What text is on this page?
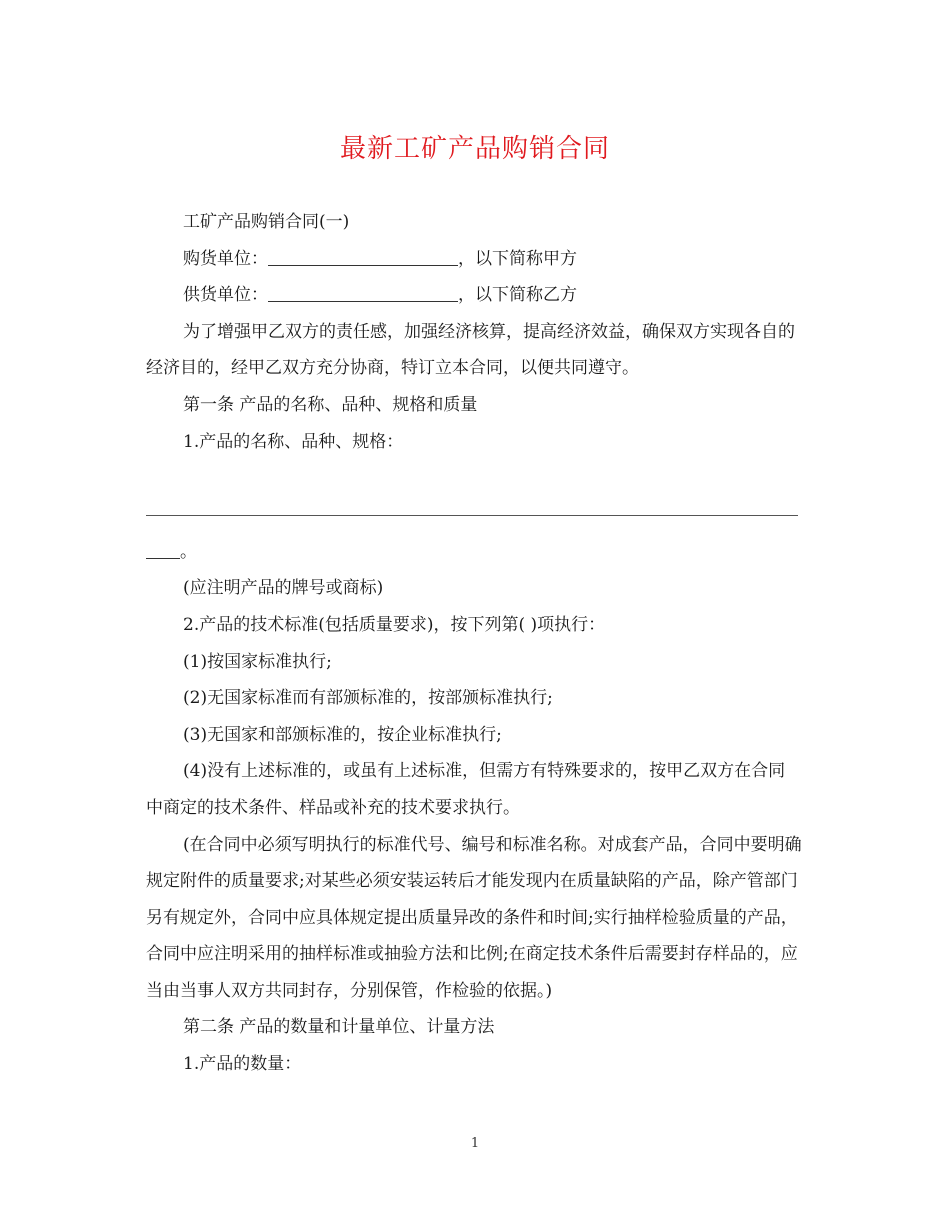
最新工矿产品购销合同

工矿产品购销合同(一)

购货单位：	，以下简称甲方

供货单位：	，以下简称乙方

为了增强甲乙双方的责任感，加强经济核算，提高经济效益，确保双方实现各自的经济目的，经甲乙双方充分协商，特订立本合同，以便共同遵守。

第一条 产品的名称、品种、规格和质量

1.产品的名称、品种、规格：

。

(应注明产品的牌号或商标)

2.产品的技术标准(包括质量要求)，按下列第( )项执行：

(1)按国家标准执行;

(2)无国家标准而有部颁标准的，按部颁标准执行;

(3)无国家和部颁标准的，按企业标准执行;

(4)没有上述标准的，或虽有上述标准，但需方有特殊要求的，按甲乙双方在合同中商定的技术条件、样品或补充的技术要求执行。

(在合同中必须写明执行的标准代号、编号和标准名称。对成套产品，合同中要明确规定附件的质量要求;对某些必须安装运转后才能发现内在质量缺陷的产品，除产管部门另有规定外，合同中应具体规定提出质量异改的条件和时间;实行抽样检验质量的产品，合同中应注明采用的抽样标准或抽验方法和比例;在商定技术条件后需要封存样品的，应当由当事人双方共同封存，分别保管，作检验的依据。)

第二条 产品的数量和计量单位、计量方法

1.产品的数量：

1
